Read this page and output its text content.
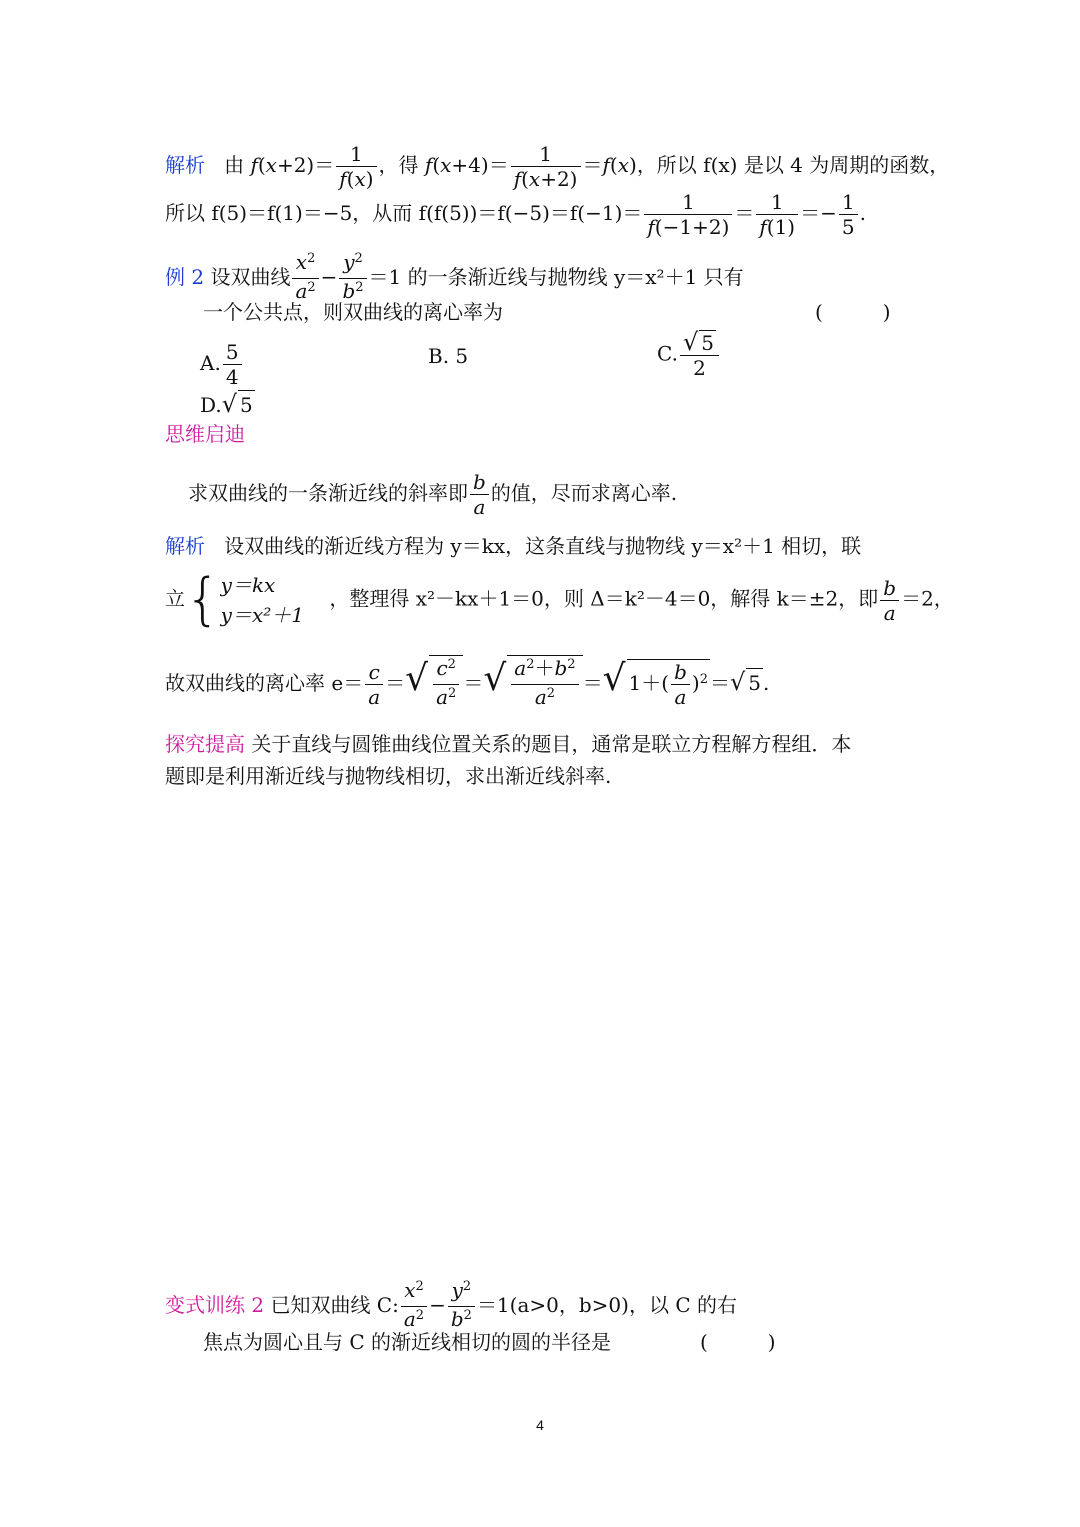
解析 由 $f(x+2)= \frac{1}{f(x)}$ ，得 $f(x+4)= \frac{1}{f(x+2)} =f(x)$，所以 f(x) 是以 4 为周期的函数，
所以 f(5)＝f(1)＝−5，从而 $f(f(5))=f(-5)=f(-1)= \frac{1}{f(-1+2)} = \frac{1}{f(1)} =- \frac{1}{5}$ .
例 2 设双曲线 $\frac{x^2}{a^2} - \frac{y^2}{b^2} =1$ 的一条渐近线与抛物线 y＝x²＋1 只有
一个公共点，则双曲线的离心率为	(　　　)
A. $\frac{5}{4}$	B. 5	C. $\frac{√ 5}{2}$
D.√ 5
思维启迪
求双曲线的一条渐近线的斜率即 $\frac{b}{a}$ 的值，尽而求离心率.
解析 设双曲线的渐近线方程为 y＝kx，这条直线与抛物线 y＝x²＋1 相切，联
立{ y＝kx
y＝x²＋1
，整理得 x²－kx＋1＝0，则 Δ＝k²－4＝0，解得 k＝±2，即 $\frac{b}{a} =2$，
故双曲线的离心率 $e= \frac{c}{a}$ ＝√ $\frac{c^2}{a^2}$ ＝√ $\frac{a^2+b^2}{a^2}$ ＝√ $1+( \frac{b}{a} )^2$ ＝√ 5 .
探究提高 关于直线与圆锥曲线位置关系的题目，通常是联立方程解方程组．本
题即是利用渐近线与抛物线相切，求出渐近线斜率.
变式训练 2 已知双曲线 C: $\frac{x^2}{a^2} - \frac{y^2}{b^2} =1(a>0$，b>0)，以 C 的右
焦点为圆心且与 C 的渐近线相切的圆的半径是	(　　　)
4
